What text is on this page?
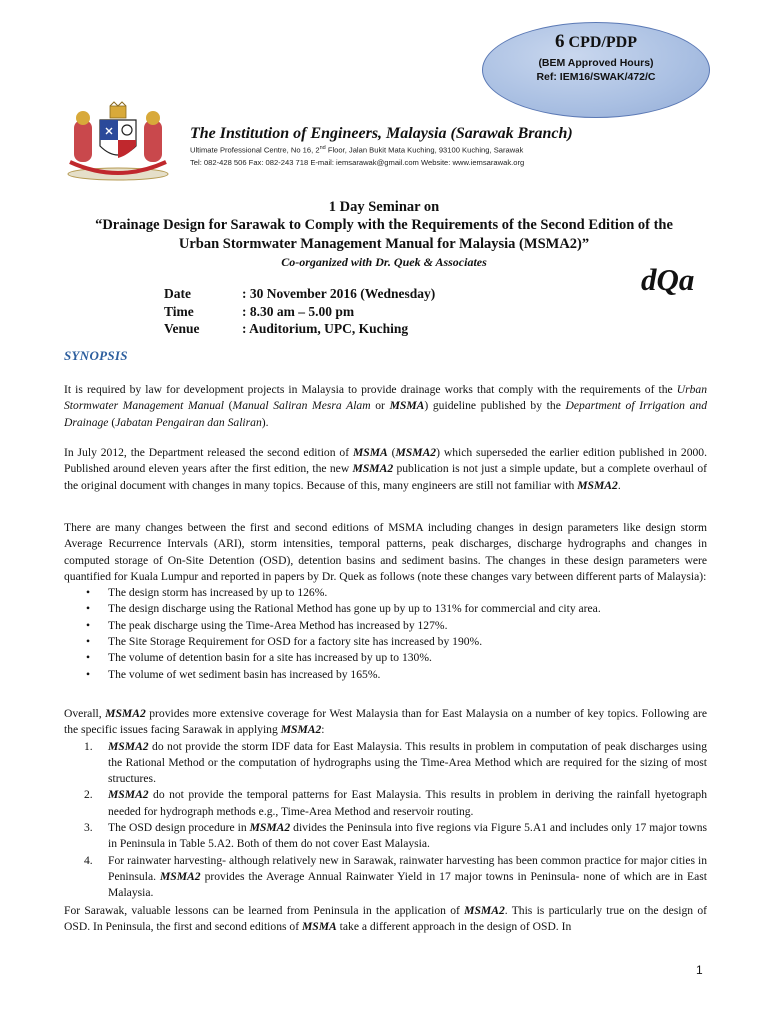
6 CPD/PDP
(BEM Approved Hours)
Ref: IEM16/SWAK/472/C
The Institution of Engineers, Malaysia (Sarawak Branch)
Ultimate Professional Centre, No 16, 2nd Floor, Jalan Bukit Mata Kuching, 93100 Kuching, Sarawak
Tel: 082-428 506 Fax: 082-243 718 E-mail: iemsarawak@gmail.com Website: www.iemsarawak.org
1 Day Seminar on
“Drainage Design for Sarawak to Comply with the Requirements of the Second Edition of the
Urban Stormwater Management Manual for Malaysia (MSMA2)”
Co-organized with Dr. Quek & Associates	dQa
Date	: 30 November 2016 (Wednesday)
Time	: 8.30 am – 5.00 pm
Venue	: Auditorium, UPC, Kuching
SYNOPSIS

It is required by law for development projects in Malaysia to provide drainage works that comply with the requirements of the Urban Stormwater Management Manual (Manual Saliran Mesra Alam or MSMA) guideline published by the Department of Irrigation and Drainage (Jabatan Pengairan dan Saliran).

In July 2012, the Department released the second edition of MSMA (MSMA2) which superseded the earlier edition published in 2000. Published around eleven years after the first edition, the new MSMA2 publication is not just a simple update, but a complete overhaul of the original document with changes in many topics. Because of this, many engineers are still not familiar with MSMA2.

There are many changes between the first and second editions of MSMA including changes in design parameters like design storm Average Recurrence Intervals (ARI), storm intensities, temporal patterns, peak discharges, discharge hydrographs and changes in computed storage of On-Site Detention (OSD), detention basins and sediment basins. The changes in these design parameters were quantified for Kuala Lumpur and reported in papers by Dr. Quek as follows (note these changes vary between different parts of Malaysia):

• The design storm has increased by up to 126%.
• The design discharge using the Rational Method has gone up by up to 131% for commercial and city area.
• The peak discharge using the Time-Area Method has increased by 127%.
• The Site Storage Requirement for OSD for a factory site has increased by 190%.
• The volume of detention basin for a site has increased by up to 130%.
• The volume of wet sediment basin has increased by 165%.

Overall, MSMA2 provides more extensive coverage for West Malaysia than for East Malaysia on a number of key topics. Following are the specific issues facing Sarawak in applying MSMA2:

1. MSMA2 do not provide the storm IDF data for East Malaysia. This results in problem in computation of peak discharges using the Rational Method or the computation of hydrographs using the Time-Area Method which are required for the sizing of most structures.
2. MSMA2 do not provide the temporal patterns for East Malaysia. This results in problem in deriving the rainfall hyetograph needed for hydrograph methods e.g., Time-Area Method and reservoir routing.
3. The OSD design procedure in MSMA2 divides the Peninsula into five regions via Figure 5.A1 and includes only 17 major towns in Peninsula in Table 5.A2. Both of them do not cover East Malaysia.
4. For rainwater harvesting- although relatively new in Sarawak, rainwater harvesting has been common practice for major cities in Peninsula. MSMA2 provides the Average Annual Rainwater Yield in 17 major towns in Peninsula- none of which are in East Malaysia.

For Sarawak, valuable lessons can be learned from Peninsula in the application of MSMA2. This is particularly true on the design of OSD. In Peninsula, the first and second editions of MSMA take a different approach in the design of OSD. In

1
